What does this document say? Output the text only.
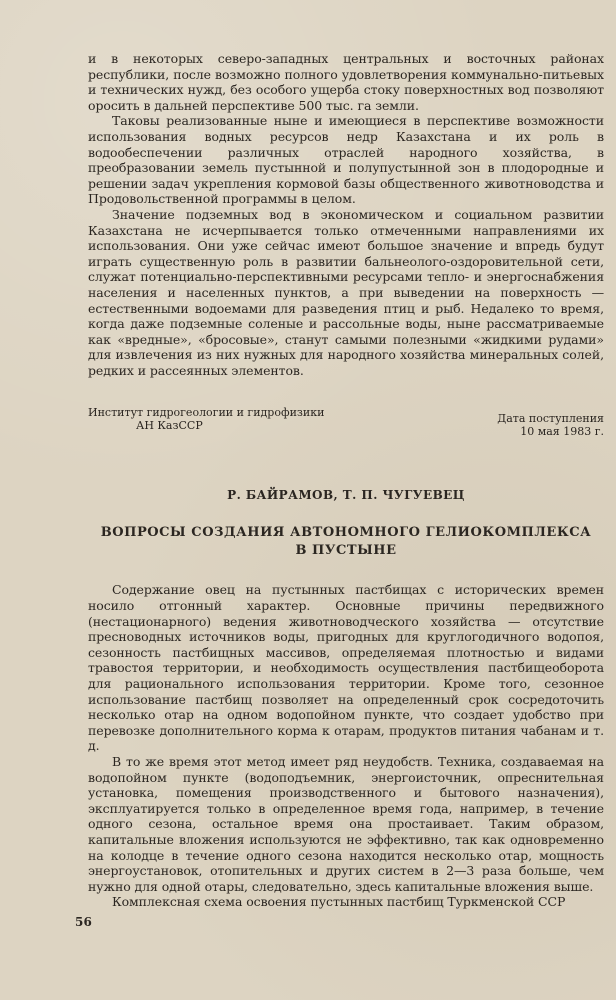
и в некоторых северо-западных центральных и восточных районах республики, после возможно полного удовлетворения коммунально-питьевых и технических нужд, без особого ущерба стоку поверхностных вод позволяют оросить в дальней перспективе 500 тыс. га земли.

Таковы реализованные ныне и имеющиеся в перспективе возможности использования водных ресурсов недр Казахстана и их роль в водообеспечении различных отраслей народного хозяйства, в преобразовании земель пустынной и полупустынной зон в плодородные и решении задач укрепления кормовой базы общественного животноводства и Продовольственной программы в целом.

Значение подземных вод в экономическом и социальном развитии Казахстана не исчерпывается только отмеченными направлениями их использования. Они уже сейчас имеют большое значение и впредь будут играть существенную роль в развитии бальнеолого-оздоровительной сети, служат потенциально-перспективными ресурсами тепло- и энергоснабжения населения и населенных пунктов, а при выведении на поверхность — естественными водоемами для разведения птиц и рыб. Недалеко то время, когда даже подземные соленые и рассольные воды, ныне рассматриваемые как «вредные», «бросовые», станут самыми полезными «жидкими рудами» для извлечения из них нужных для народного хозяйства минеральных солей, редких и рассеянных элементов.

Институт гидрогеологии и гидрофизики
АН КазССР
Дата поступления
10 мая 1983 г.
Р. БАЙРАМОВ, Т. П. ЧУГУЕВЕЦ
ВОПРОСЫ СОЗДАНИЯ АВТОНОМНОГО ГЕЛИОКОМПЛЕКСА
В ПУСТЫНЕ

Содержание овец на пустынных пастбищах с исторических времен носило отгонный характер. Основные причины передвижного (нестационарного) ведения животноводческого хозяйства — отсутствие пресноводных источников воды, пригодных для круглогодичного водопоя, сезонность пастбищных массивов, определяемая плотностью и видами травостоя территории, и необходимость осуществления пастбищеоборота для рационального использования территории. Кроме того, сезонное использование пастбищ позволяет на определенный срок сосредоточить несколько отар на одном водопойном пункте, что создает удобство при перевозке дополнительного корма к отарам, продуктов питания чабанам и т. д.

В то же время этот метод имеет ряд неудобств. Техника, создаваемая на водопойном пункте (водоподъемник, энергоисточник, опреснительная установка, помещения производственного и бытового назначения), эксплуатируется только в определенное время года, например, в течение одного сезона, остальное время она простаивает. Таким образом, капитальные вложения используются не эффективно, так как одновременно на колодце в течение одного сезона находится несколько отар, мощность энергоустановок, отопительных и других систем в 2—3 раза больше, чем нужно для одной отары, следовательно, здесь капитальные вложения выше.

Комплексная схема освоения пустынных пастбищ Туркменской ССР

56
